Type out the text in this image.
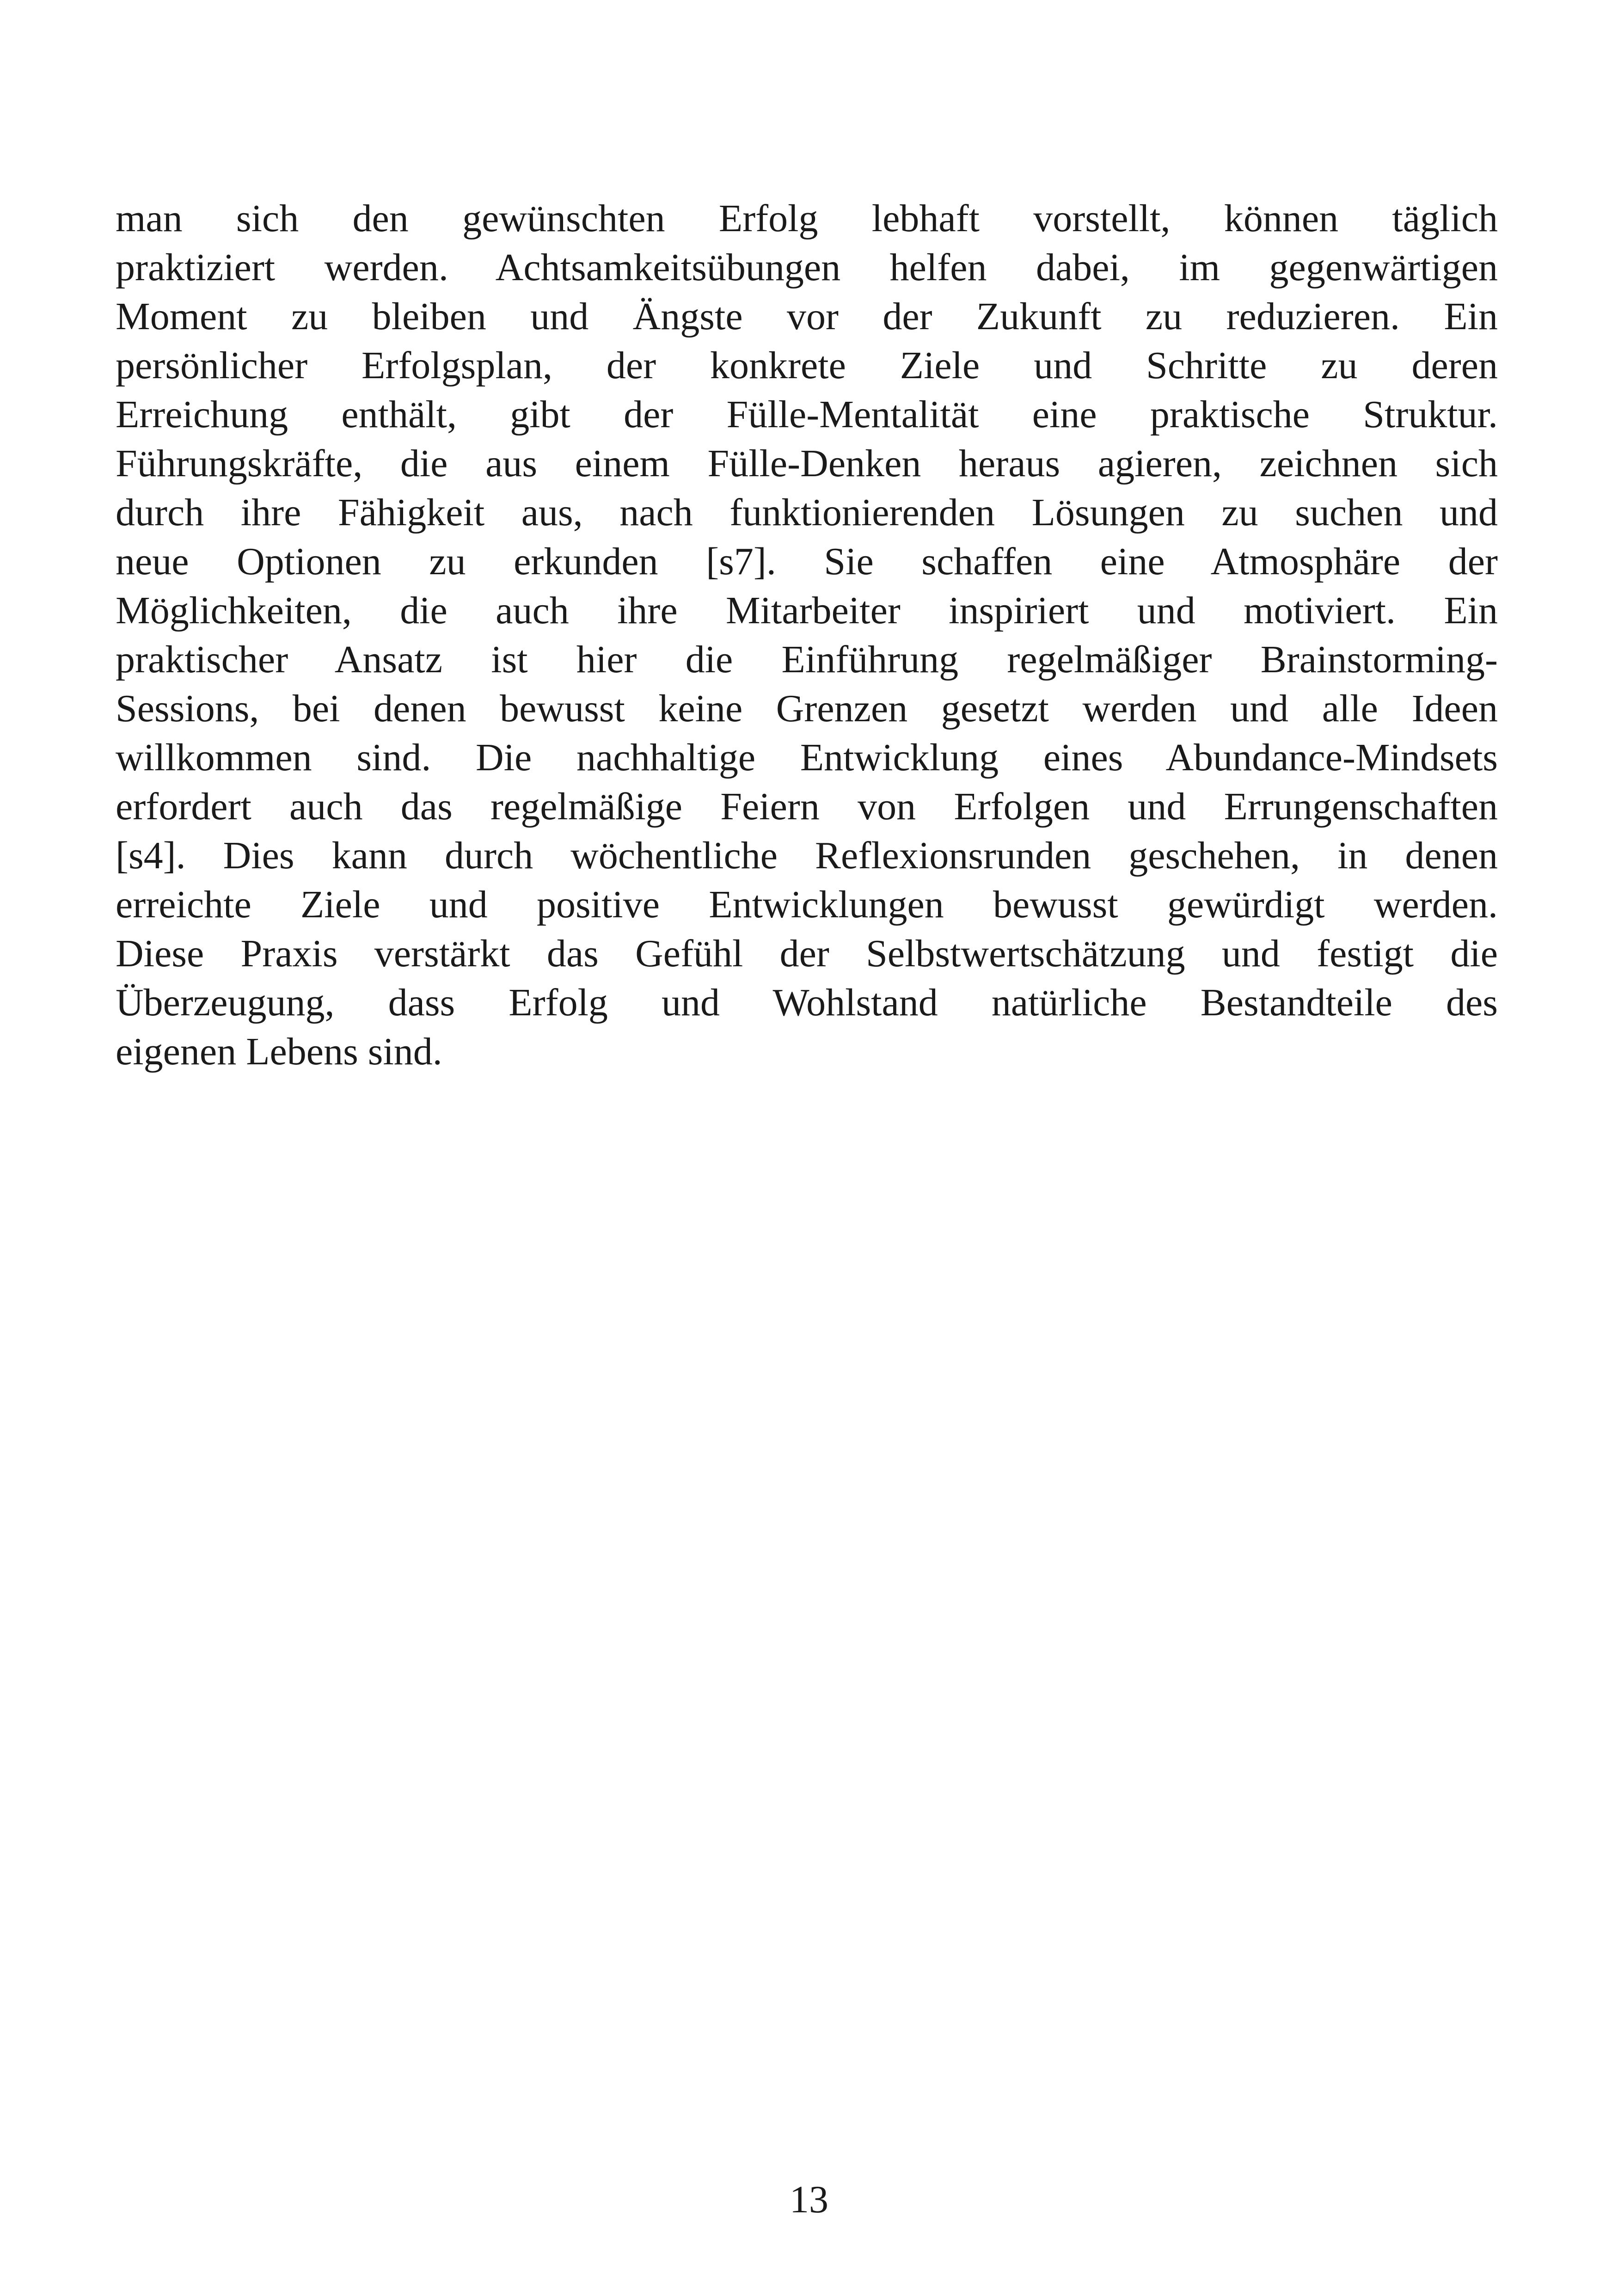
man sich den gewünschten Erfolg lebhaft vorstellt, können täglich
praktiziert werden. Achtsamkeitsübungen helfen dabei, im gegenwärtigen
Moment zu bleiben und Ängste vor der Zukunft zu reduzieren. Ein
persönlicher Erfolgsplan, der konkrete Ziele und Schritte zu deren
Erreichung enthält, gibt der Fülle-Mentalität eine praktische Struktur.
Führungskräfte, die aus einem Fülle-Denken heraus agieren, zeichnen sich
durch ihre Fähigkeit aus, nach funktionierenden Lösungen zu suchen und
neue Optionen zu erkunden [s7]. Sie schaffen eine Atmosphäre der
Möglichkeiten, die auch ihre Mitarbeiter inspiriert und motiviert. Ein
praktischer Ansatz ist hier die Einführung regelmäßiger Brainstorming-
Sessions, bei denen bewusst keine Grenzen gesetzt werden und alle Ideen
willkommen sind. Die nachhaltige Entwicklung eines Abundance-Mindsets
erfordert auch das regelmäßige Feiern von Erfolgen und Errungenschaften
[s4]. Dies kann durch wöchentliche Reflexionsrunden geschehen, in denen
erreichte Ziele und positive Entwicklungen bewusst gewürdigt werden.
Diese Praxis verstärkt das Gefühl der Selbstwertschätzung und festigt die
Überzeugung, dass Erfolg und Wohlstand natürliche Bestandteile des
eigenen Lebens sind.
13
